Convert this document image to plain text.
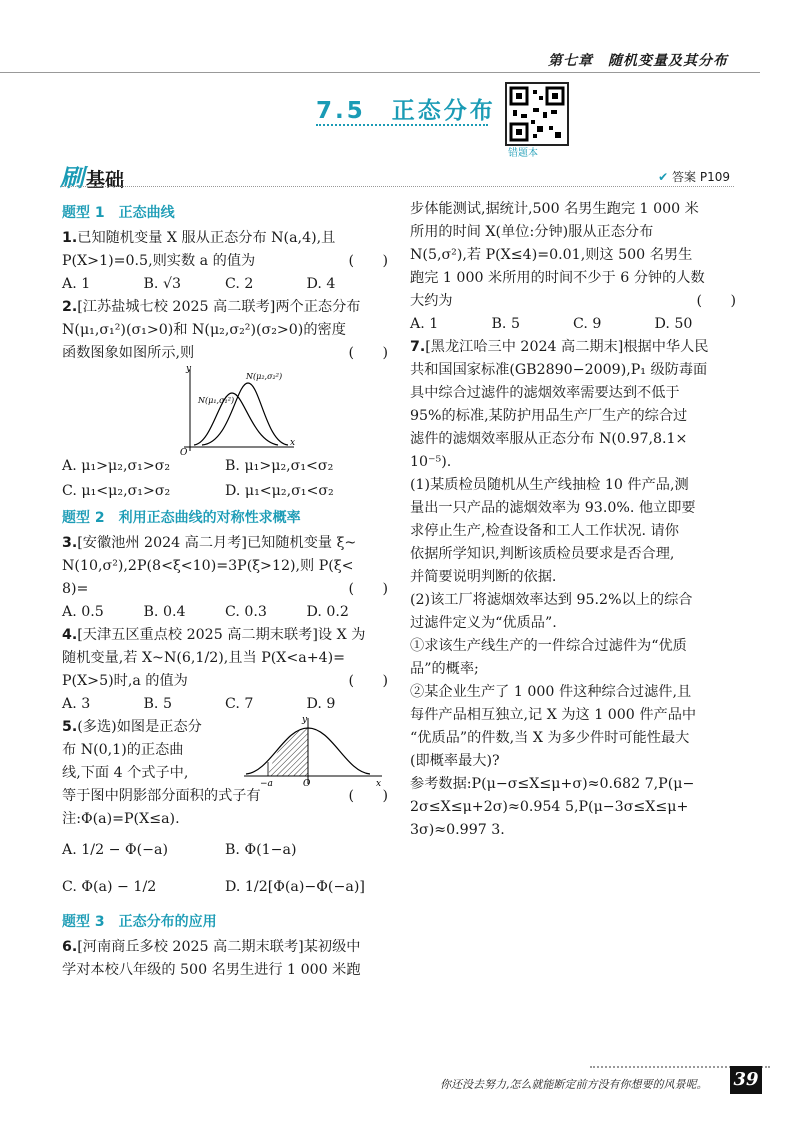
第七章　随机变量及其分布
7.5　正态分布
错题本
刷 基础	✔ 答案 P109

题型 1　正态曲线

1.已知随机变量 X 服从正态分布 N(a,4),且

P(X>1)=0.5,则实数 a 的值为	(　　)

A. 1	B. √3	C. 2	D. 4

2.[江苏盐城七校 2025 高二联考]两个正态分布

N(μ₁,σ₁²)(σ₁>0)和 N(μ₂,σ₂²)(σ₂>0)的密度

函数图象如图所示,则	(　　)

y
x
O
N(μ₁,σ₁²)
N(μ₂,σ₂²)
A. μ₁>μ₂,σ₁>σ₂	B. μ₁>μ₂,σ₁<σ₂
C. μ₁<μ₂,σ₁>σ₂	D. μ₁<μ₂,σ₁<σ₂

题型 2　利用正态曲线的对称性求概率

3.[安徽池州 2024 高二月考]已知随机变量 ξ~

N(10,σ²),2P(8<ξ<10)=3P(ξ>12),则 P(ξ<

8)=	(　　)

A. 0.5	B. 0.4	C. 0.3	D. 0.2

4.[天津五区重点校 2025 高二期末联考]设 X 为

随机变量,若 X~N(6,1/2),且当 P(X<a+4)=

P(X>5)时,a 的值为	(　　)

A. 3	B. 5	C. 7	D. 9

5.(多选)如图是正态分

布 N(0,1)的正态曲

线,下面 4 个式子中,

等于图中阴影部分面积的式子有	(　　)

注:Φ(a)=P(X≤a).

y
x
O
−a
A. 1/2 − Φ(−a)	B. Φ(1−a)
C. Φ(a) − 1/2	D. 1/2[Φ(a)−Φ(−a)]

题型 3　正态分布的应用

6.[河南商丘多校 2025 高二期末联考]某初级中

学对本校八年级的 500 名男生进行 1 000 米跑

步体能测试,据统计,500 名男生跑完 1 000 米

所用的时间 X(单位:分钟)服从正态分布

N(5,σ²),若 P(X≤4)=0.01,则这 500 名男生

跑完 1 000 米所用的时间不少于 6 分钟的人数

大约为	(　　)

A. 1	B. 5	C. 9	D. 50

7.[黑龙江哈三中 2024 高二期末]根据中华人民

共和国国家标准(GB2890−2009),P₁ 级防毒面

具中综合过滤件的滤烟效率需要达到不低于

95%的标准,某防护用品生产厂生产的综合过

滤件的滤烟效率服从正态分布 N(0.97,8.1×

10⁻⁵).

(1)某质检员随机从生产线抽检 10 件产品,测

量出一只产品的滤烟效率为 93.0%. 他立即要

求停止生产,检查设备和工人工作状况. 请你

依据所学知识,判断该质检员要求是否合理,

并简要说明判断的依据.

(2)该工厂将滤烟效率达到 95.2%以上的综合

过滤件定义为“优质品”.

①求该生产线生产的一件综合过滤件为“优质

品”的概率;

②某企业生产了 1 000 件这种综合过滤件,且

每件产品相互独立,记 X 为这 1 000 件产品中

“优质品”的件数,当 X 为多少件时可能性最大

(即概率最大)?

参考数据:P(μ−σ≤X≤μ+σ)≈0.682 7,P(μ−

2σ≤X≤μ+2σ)≈0.954 5,P(μ−3σ≤X≤μ+

3σ)≈0.997 3.

你还没去努力,怎么就能断定前方没有你想要的风景呢。 39
